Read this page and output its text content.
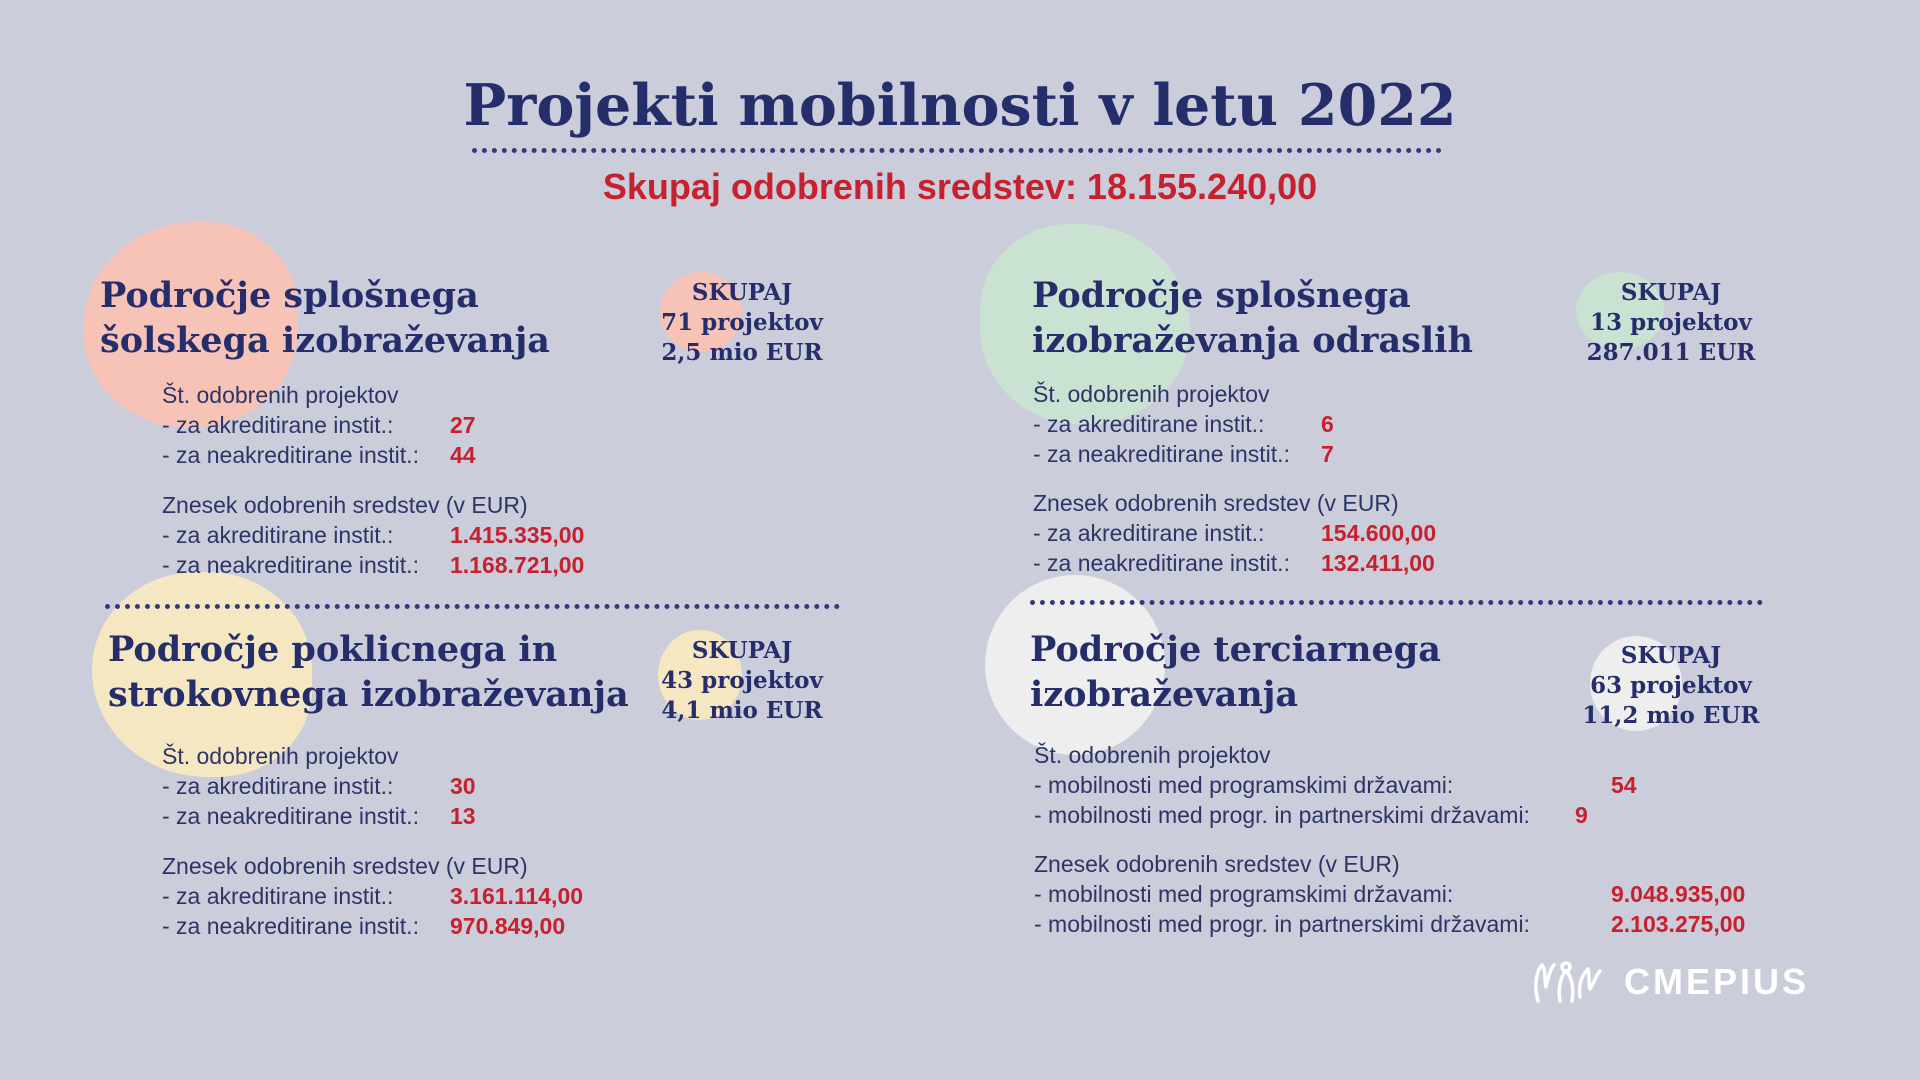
Projekti mobilnosti v letu 2022
Skupaj odobrenih sredstev: 18.155.240,00
Področje splošnega
šolskega izobraževanja
SKUPAJ
71 projektov
2,5 mio EUR
Št. odobrenih projektov
- za akreditirane instit.: 27
- za neakreditirane instit.: 44
Znesek odobrenih sredstev (v EUR)
- za akreditirane instit.: 1.415.335,00
- za neakreditirane instit.: 1.168.721,00
Področje splošnega
izobraževanja odraslih
SKUPAJ
13 projektov
287.011 EUR
Št. odobrenih projektov
- za akreditirane instit.: 6
- za neakreditirane instit.: 7
Znesek odobrenih sredstev (v EUR)
- za akreditirane instit.: 154.600,00
- za neakreditirane instit.: 132.411,00
Področje poklicnega in
strokovnega izobraževanja
SKUPAJ
43 projektov
4,1 mio EUR
Št. odobrenih projektov
- za akreditirane instit.: 30
- za neakreditirane instit.: 13
Znesek odobrenih sredstev (v EUR)
- za akreditirane instit.: 3.161.114,00
- za neakreditirane instit.: 970.849,00
Področje terciarnega
izobraževanja
SKUPAJ
63 projektov
11,2 mio EUR
Št. odobrenih projektov
- mobilnosti med programskimi državami:	54
- mobilnosti med progr. in partnerskimi državami: 9
Znesek odobrenih sredstev (v EUR)
- mobilnosti med programskimi državami:	9.048.935,00
- mobilnosti med progr. in partnerskimi državami:	2.103.275,00
CMEPIUS
